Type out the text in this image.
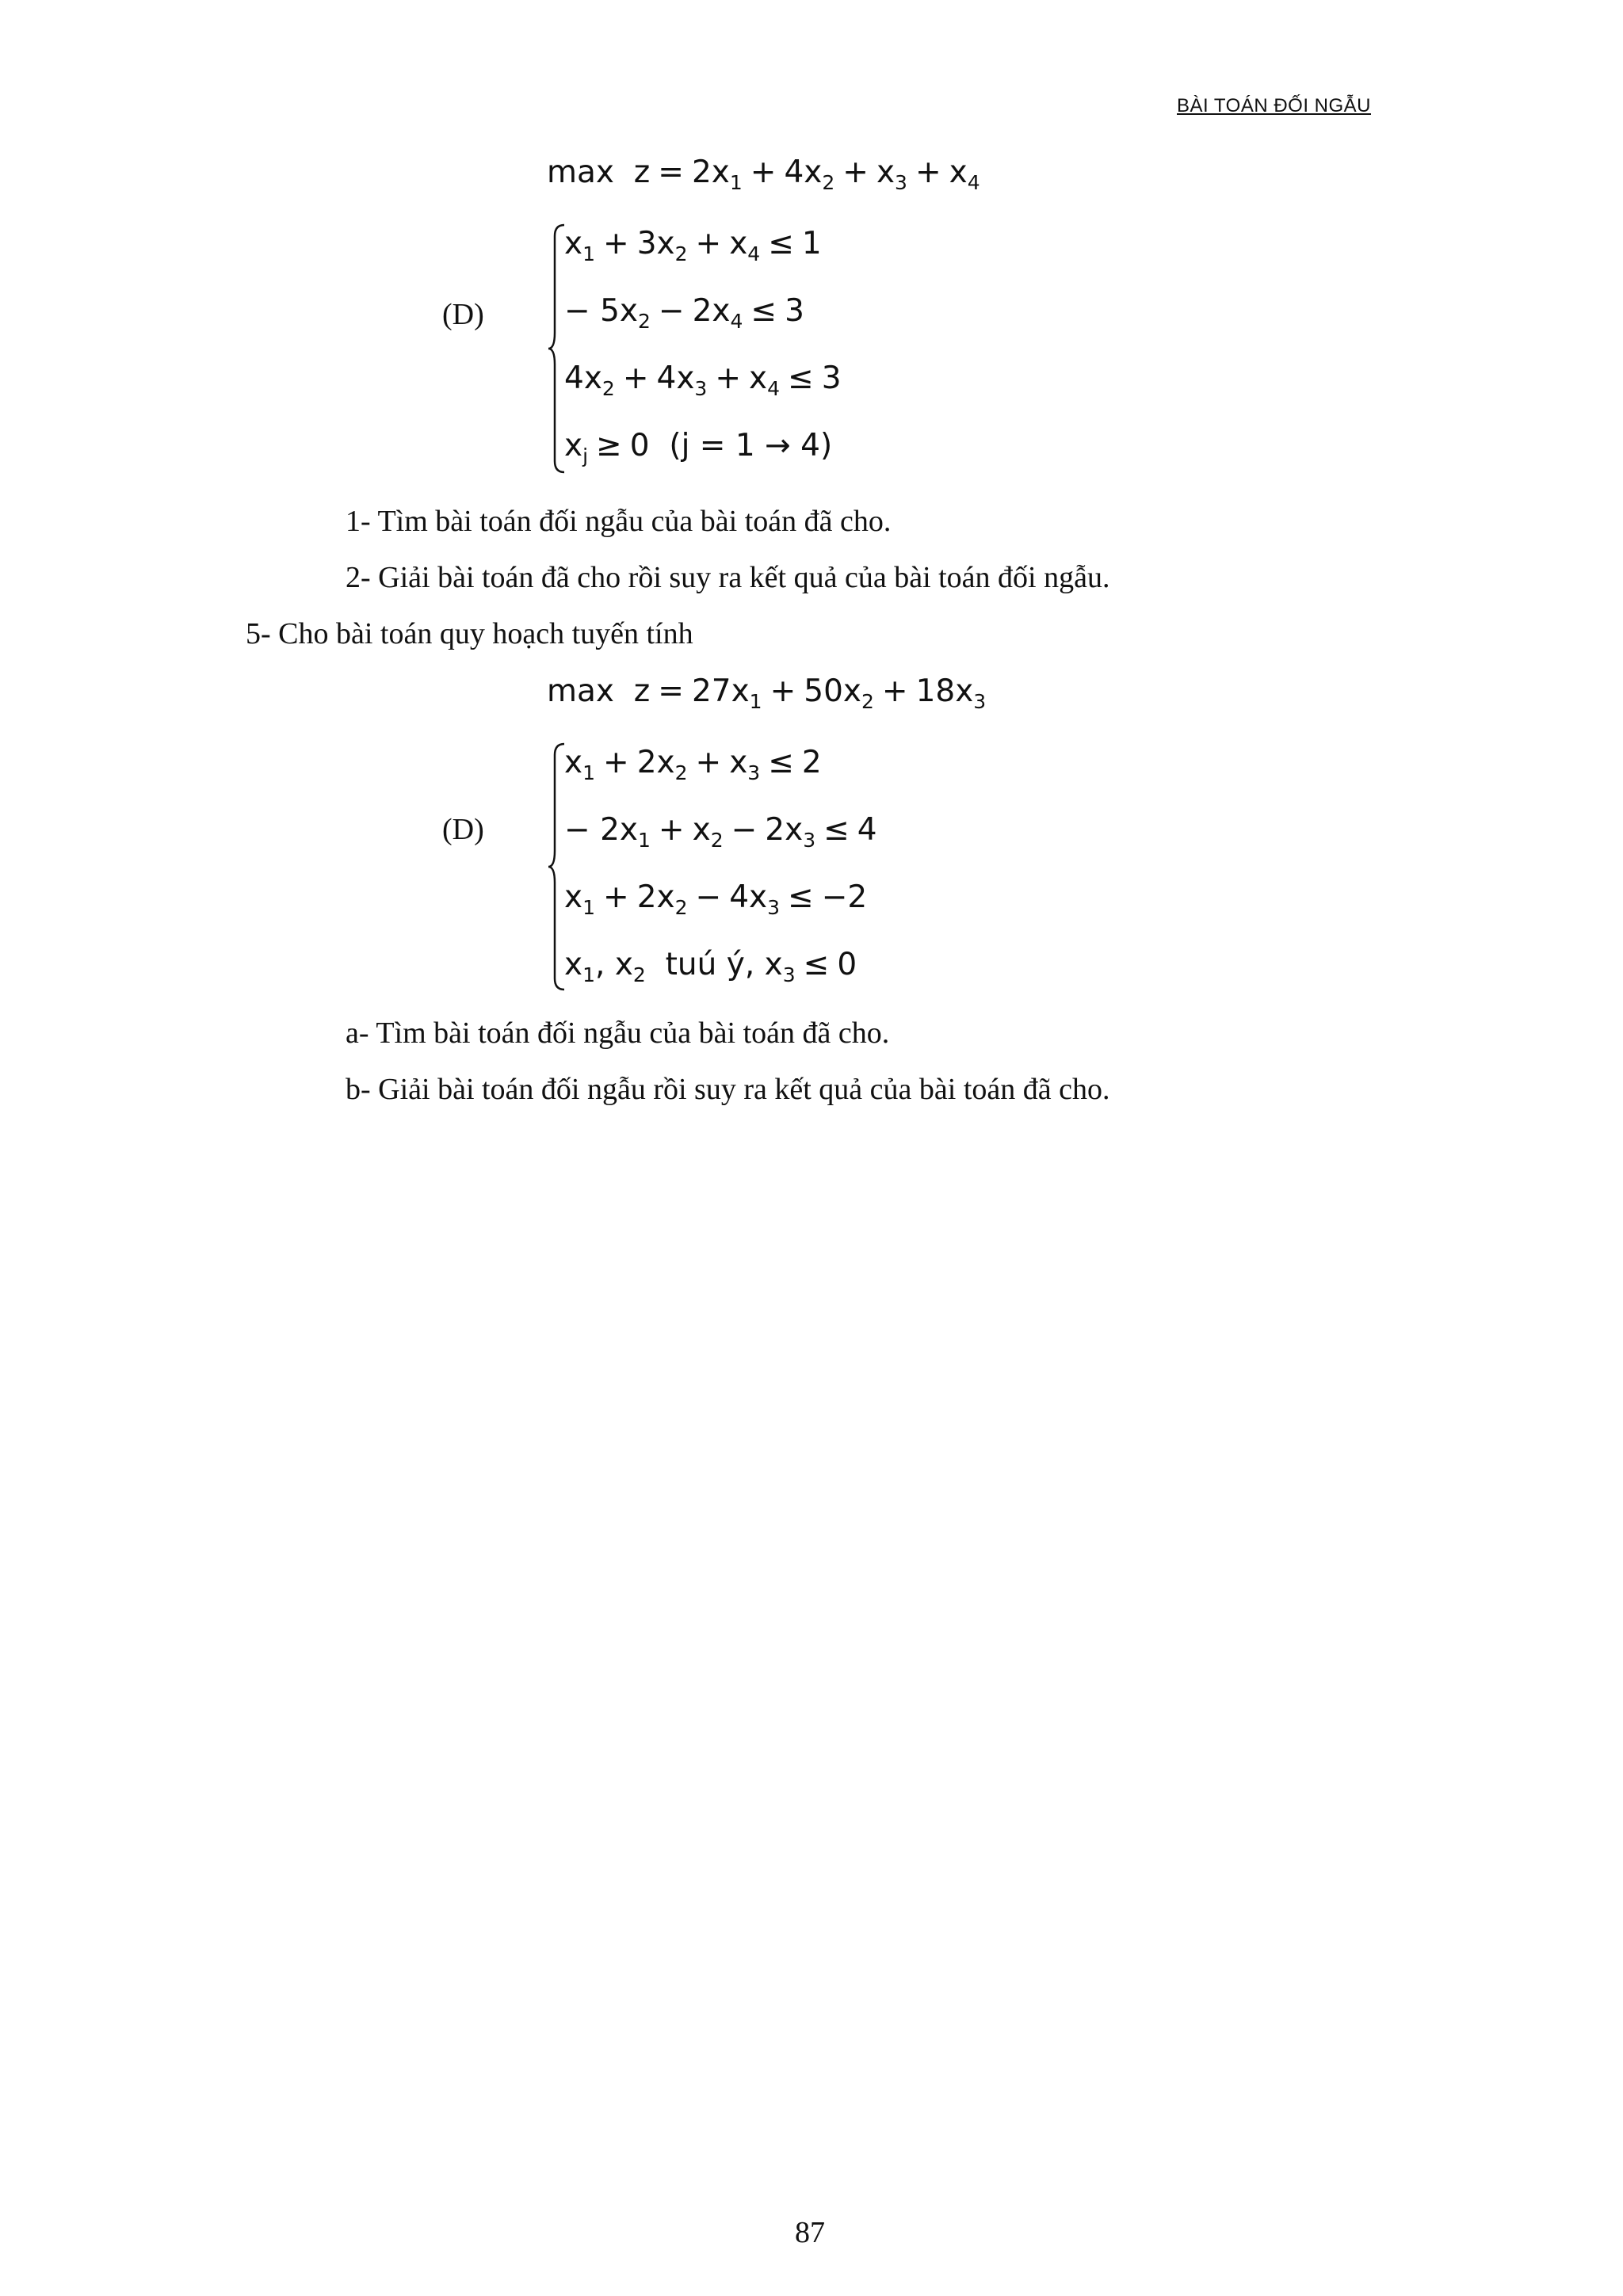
BÀI TOÁN ĐỐI NGẪU
$\max z = 2x_1 + 4x_2 + x_3 + x_4$
(D)
$x_1 + 3x_2 + x_4 \le 1$
− $5x_2 - 2x_4 \le 3$
$4x_2 + 4x_3 + x_4 \le 3$
$x_j \ge 0$ (j = 1 → 4)
1- Tìm bài toán đối ngẫu của bài toán đã cho.
2- Giải bài toán đã cho rồi suy ra kết quả của bài toán đối ngẫu.
5- Cho bài toán quy hoạch tuyến tính
$\max z = 27x_1 + 50x_2 + 18x_3$
(D)
$x_1 + 2x_2 + x_3 \le 2$
− $2x_1 + x_2 - 2x_3 \le 4$
$x_1 + 2x_2 - 4x_3 \le -2$
$x_1$, $x_2$ tuú ý, $x_3 \le 0$
a- Tìm bài toán đối ngẫu của bài toán đã cho.
b- Giải bài toán đối ngẫu rồi suy ra kết quả của bài toán đã cho.
87
